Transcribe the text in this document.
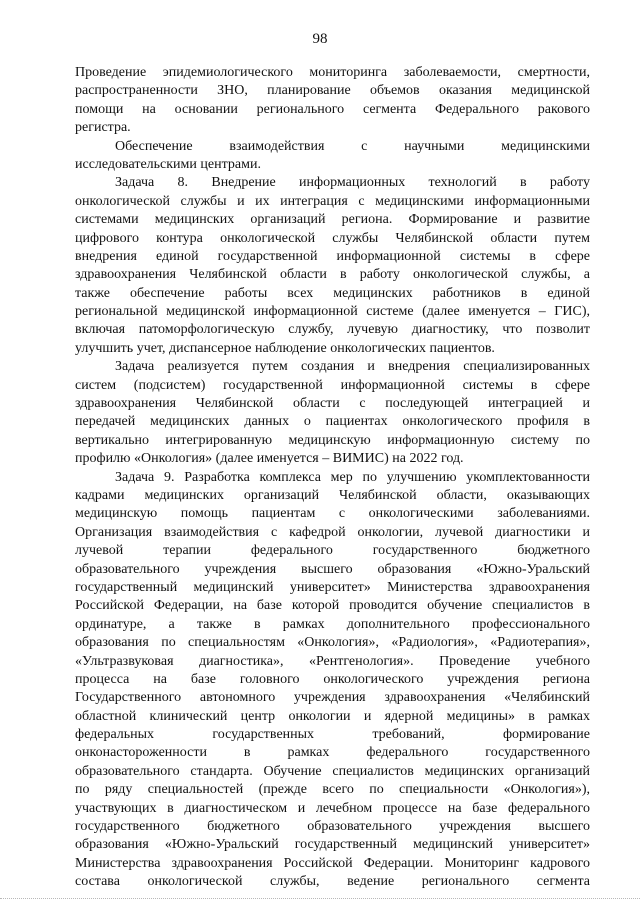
98
Проведение эпидемиологического мониторинга заболеваемости, смертности,
распространенности ЗНО, планирование объемов оказания медицинской
помощи на основании регионального сегмента Федерального ракового
регистра.
Обеспечение взаимодействия с научными медицинскими
исследовательскими центрами.
Задача 8. Внедрение информационных технологий в работу
онкологической службы и их интеграция с медицинскими информационными
системами медицинских организаций региона. Формирование и развитие
цифрового контура онкологической службы Челябинской области путем
внедрения единой государственной информационной системы в сфере
здравоохранения Челябинской области в работу онкологической службы, а
также обеспечение работы всех медицинских работников в единой
региональной медицинской информационной системе (далее именуется – ГИС),
включая патоморфологическую службу, лучевую диагностику, что позволит
улучшить учет, диспансерное наблюдение онкологических пациентов.
Задача реализуется путем создания и внедрения специализированных
систем (подсистем) государственной информационной системы в сфере
здравоохранения Челябинской области с последующей интеграцией и
передачей медицинских данных о пациентах онкологического профиля в
вертикально интегрированную медицинскую информационную систему по
профилю «Онкология» (далее именуется – ВИМИС) на 2022 год.
Задача 9. Разработка комплекса мер по улучшению укомплектованности
кадрами медицинских организаций Челябинской области, оказывающих
медицинскую помощь пациентам с онкологическими заболеваниями.
Организация взаимодействия с кафедрой онкологии, лучевой диагностики и
лучевой терапии федерального государственного бюджетного
образовательного учреждения высшего образования «Южно-Уральский
государственный медицинский университет» Министерства здравоохранения
Российской Федерации, на базе которой проводится обучение специалистов в
ординатуре, а также в рамках дополнительного профессионального
образования по специальностям «Онкология», «Радиология», «Радиотерапия»,
«Ультразвуковая диагностика», «Рентгенология». Проведение учебного
процесса на базе головного онкологического учреждения региона
Государственного автономного учреждения здравоохранения «Челябинский
областной клинический центр онкологии и ядерной медицины» в рамках
федеральных государственных требований, формирование
онконастороженности в рамках федерального государственного
образовательного стандарта. Обучение специалистов медицинских организаций
по ряду специальностей (прежде всего по специальности «Онкология»),
участвующих в диагностическом и лечебном процессе на базе федерального
государственного бюджетного образовательного учреждения высшего
образования «Южно-Уральский государственный медицинский университет»
Министерства здравоохранения Российской Федерации. Мониторинг кадрового
состава онкологической службы, ведение регионального сегмента
